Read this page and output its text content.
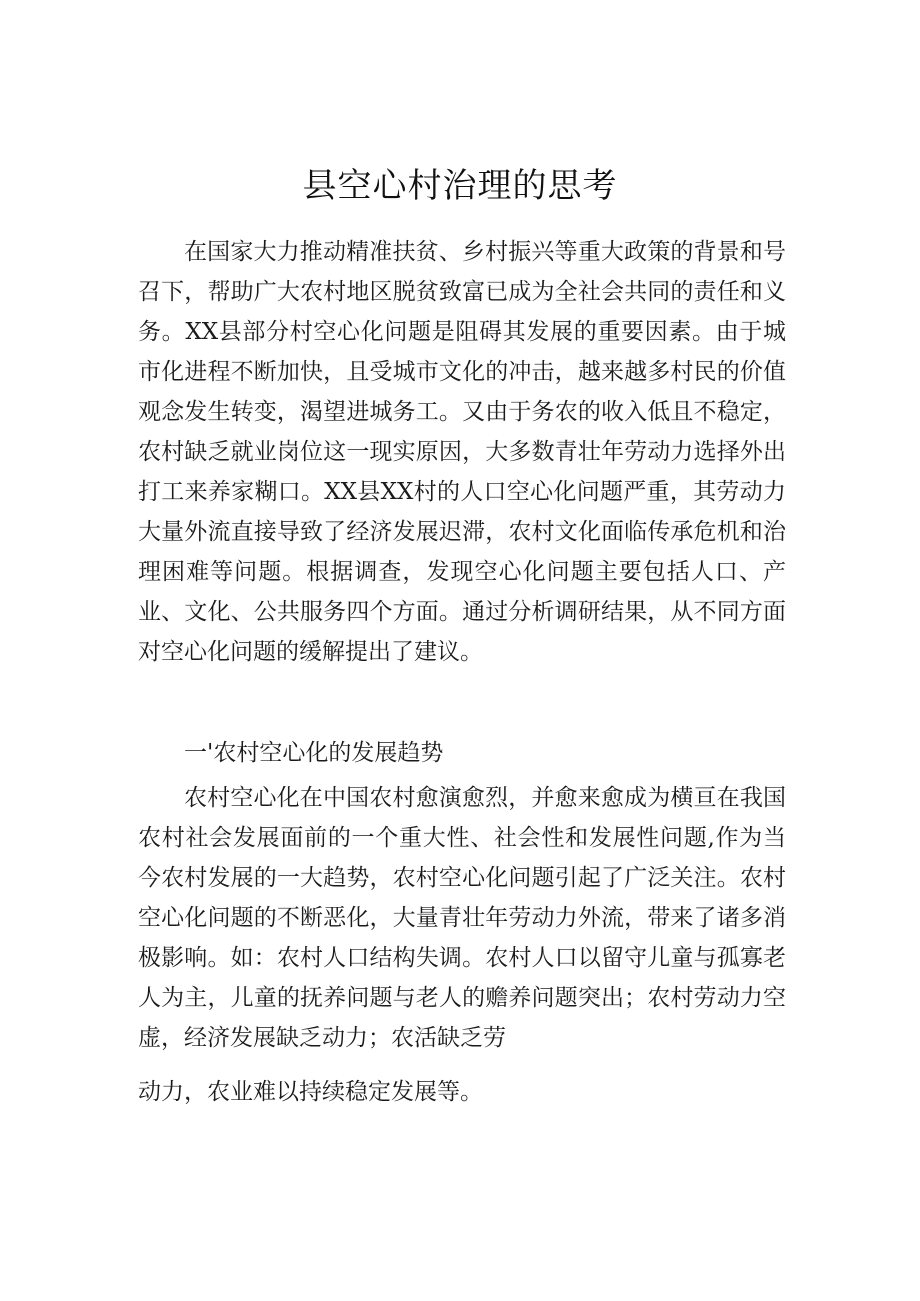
县空心村治理的思考

在国家大力推动精准扶贫、乡村振兴等重大政策的背景和号召下，帮助广大农村地区脱贫致富已成为全社会共同的责任和义务。XX县部分村空心化问题是阻碍其发展的重要因素。由于城市化进程不断加快，且受城市文化的冲击，越来越多村民的价值观念发生转变，渴望进城务工。又由于务农的收入低且不稳定，农村缺乏就业岗位这一现实原因，大多数青壮年劳动力选择外出打工来养家糊口。XX县XX村的人口空心化问题严重，其劳动力大量外流直接导致了经济发展迟滞，农村文化面临传承危机和治理困难等问题。根据调查，发现空心化问题主要包括人口、产业、文化、公共服务四个方面。通过分析调研结果，从不同方面对空心化问题的缓解提出了建议。

一'农村空心化的发展趋势

农村空心化在中国农村愈演愈烈，并愈来愈成为横亘在我国农村社会发展面前的一个重大性、社会性和发展性问题,作为当今农村发展的一大趋势，农村空心化问题引起了广泛关注。农村空心化问题的不断恶化，大量青壮年劳动力外流，带来了诸多消极影响。如：农村人口结构失调。农村人口以留守儿童与孤寡老人为主，儿童的抚养问题与老人的赡养问题突出；农村劳动力空虚，经济发展缺乏动力；农活缺乏劳

动力，农业难以持续稳定发展等。
